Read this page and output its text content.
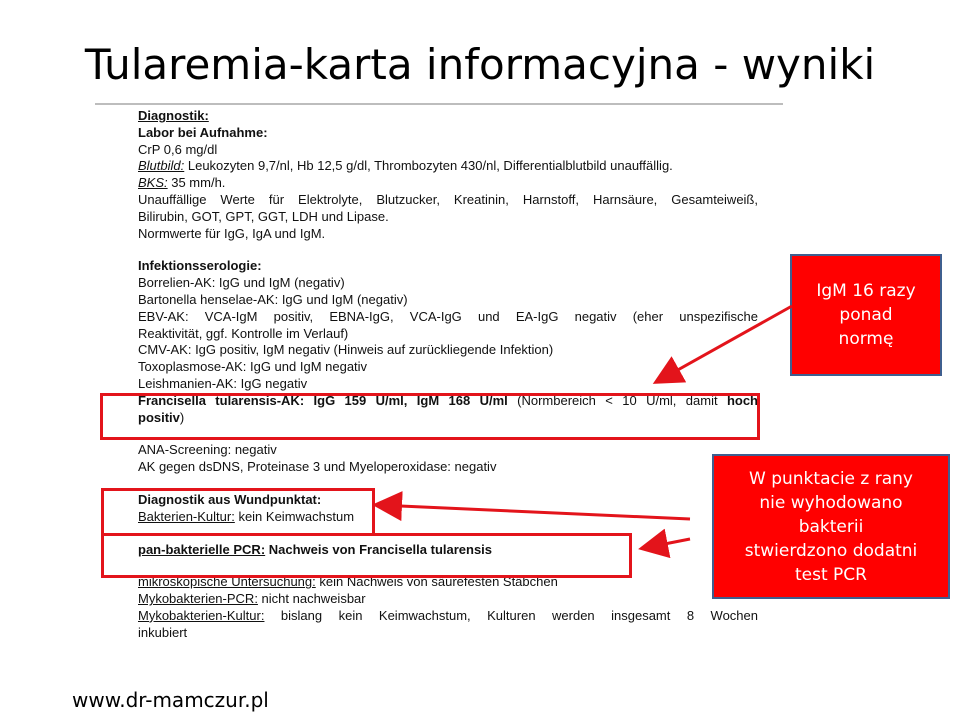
Tularemia-karta informacyjna - wyniki
Diagnostik:
Labor bei Aufnahme:
CrP 0,6 mg/dl
Blutbild: Leukozyten 9,7/nl, Hb 12,5 g/dl, Thrombozyten 430/nl, Differentialblutbild unauffällig.
BKS: 35 mm/h.
Unauffällige Werte für Elektrolyte, Blutzucker, Kreatinin, Harnstoff, Harnsäure, Gesamteiweiß,
Bilirubin, GOT, GPT, GGT, LDH und Lipase.
Normwerte für IgG, IgA und IgM.
Infektionsserologie:
Borrelien-AK: IgG und IgM (negativ)
Bartonella henselae-AK: IgG und IgM (negativ)
EBV-AK: VCA-IgM positiv, EBNA-IgG, VCA-IgG und EA-IgG negativ (eher unspezifische
Reaktivität, ggf. Kontrolle im Verlauf)
CMV-AK: IgG positiv, IgM negativ (Hinweis auf zurückliegende Infektion)
Toxoplasmose-AK: IgG und IgM negativ
Leishmanien-AK: IgG negativ
Francisella tularensis-AK: IgG 159 U/ml, IgM 168 U/ml (Normbereich < 10 U/ml, damit hoch
positiv)
ANA-Screening: negativ
AK gegen dsDNS, Proteinase 3 und Myeloperoxidase: negativ
Diagnostik aus Wundpunktat:
Bakterien-Kultur: kein Keimwachstum
pan-bakterielle PCR: Nachweis von Francisella tularensis
mikroskopische Untersuchung: kein Nachweis von säurefesten Stäbchen
Mykobakterien-PCR: nicht nachweisbar
Mykobakterien-Kultur: bislang kein Keimwachstum, Kulturen werden insgesamt 8 Wochen
inkubiert
IgM 16 razy
ponad
normę
W punktacie z rany
nie wyhodowano
bakterii
stwierdzono dodatni
test PCR
www.dr-mamczur.pl
